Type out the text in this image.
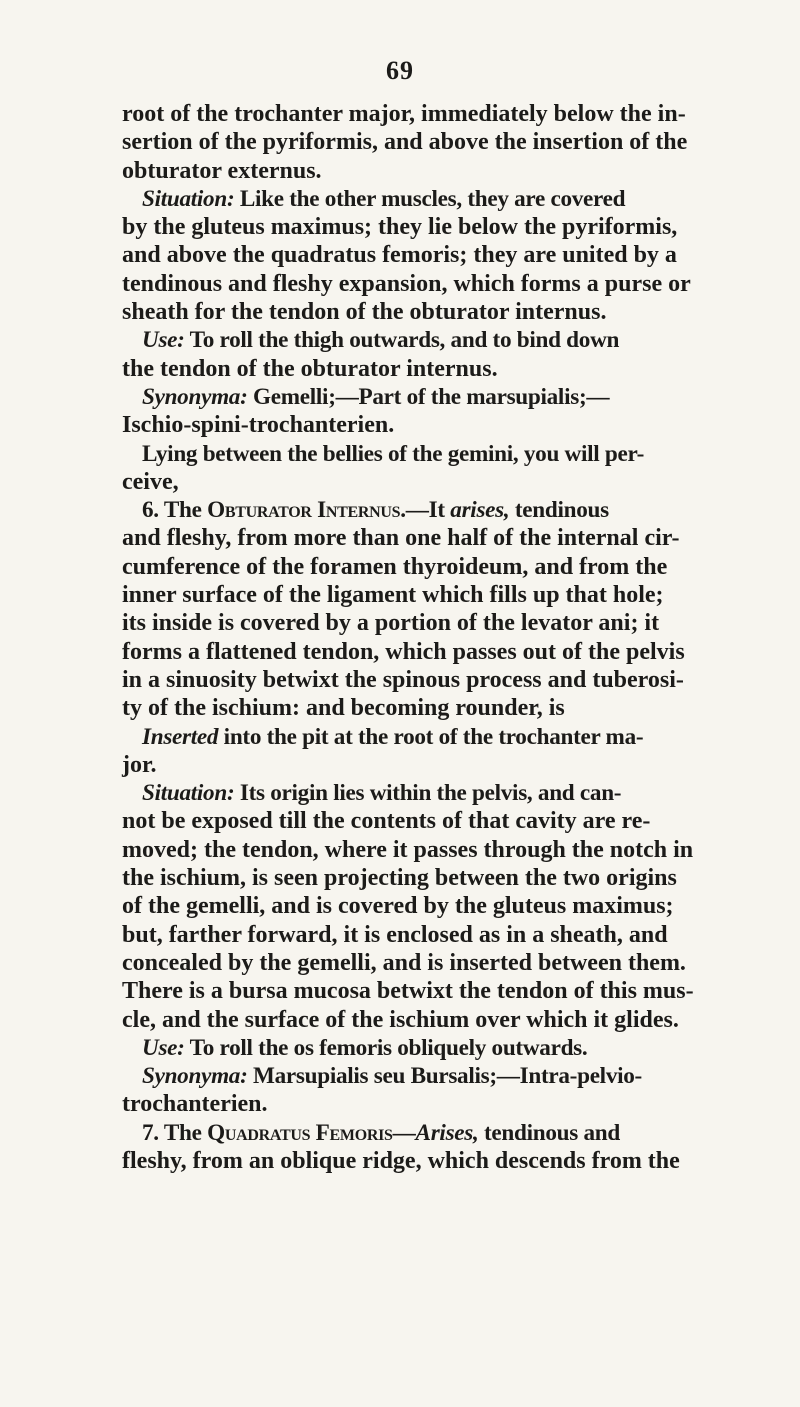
69
root of the trochanter major, immediately below the in-
sertion of the pyriformis, and above the insertion of the
obturator externus.
Situation: Like the other muscles, they are covered
by the gluteus maximus; they lie below the pyriformis,
and above the quadratus femoris; they are united by a
tendinous and fleshy expansion, which forms a purse or
sheath for the tendon of the obturator internus.
Use: To roll the thigh outwards, and to bind down
the tendon of the obturator internus.
Synonyma: Gemelli;—Part of the marsupialis;—
Ischio-spini-trochanterien.
Lying between the bellies of the gemini, you will per-
ceive,
6. The Obturator Internus.—It arises, tendinous
and fleshy, from more than one half of the internal cir-
cumference of the foramen thyroideum, and from the
inner surface of the ligament which fills up that hole;
its inside is covered by a portion of the levator ani; it
forms a flattened tendon, which passes out of the pelvis
in a sinuosity betwixt the spinous process and tuberosi-
ty of the ischium: and becoming rounder, is
Inserted into the pit at the root of the trochanter ma-
jor.
Situation: Its origin lies within the pelvis, and can-
not be exposed till the contents of that cavity are re-
moved; the tendon, where it passes through the notch in
the ischium, is seen projecting between the two origins
of the gemelli, and is covered by the gluteus maximus;
but, farther forward, it is enclosed as in a sheath, and
concealed by the gemelli, and is inserted between them.
There is a bursa mucosa betwixt the tendon of this mus-
cle, and the surface of the ischium over which it glides.
Use: To roll the os femoris obliquely outwards.
Synonyma: Marsupialis seu Bursalis;—Intra-pelvio-
trochanterien.
7. The Quadratus Femoris—Arises, tendinous and
fleshy, from an oblique ridge, which descends from the
